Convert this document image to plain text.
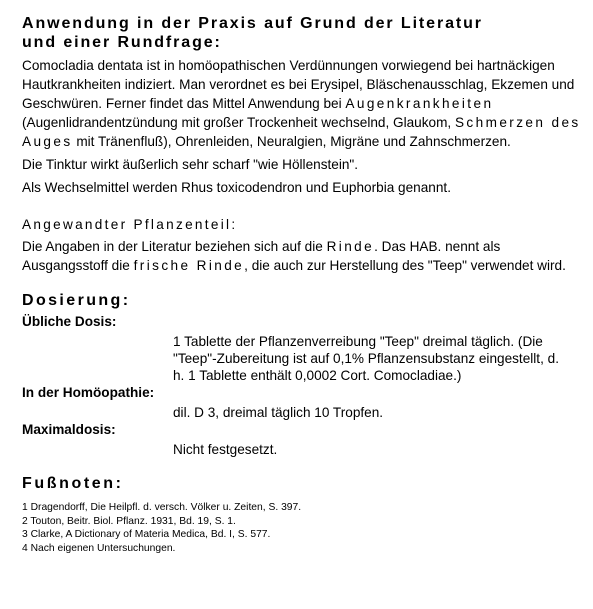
Anwendung in der Praxis auf Grund der Literatur
und einer Rundfrage:

Comocladia dentata ist in homöopathischen Verdünnungen vorwiegend bei hartnäckigen Hautkrankheiten indiziert. Man verordnet es bei Erysipel, Bläschenausschlag, Ekzemen und Geschwüren. Ferner findet das Mittel Anwendung bei Augenkrankheiten (Augenlidrandentzündung mit großer Trockenheit wechselnd, Glaukom, Schmerzen des Auges mit Tränenfluß), Ohrenleiden, Neuralgien, Migräne und Zahnschmerzen.

Die Tinktur wirkt äußerlich sehr scharf "wie Höllenstein".

Als Wechselmittel werden Rhus toxicodendron und Euphorbia genannt.

Angewandter Pflanzenteil:

Die Angaben in der Literatur beziehen sich auf die Rinde. Das HAB. nennt als Ausgangsstoff die frische Rinde, die auch zur Herstellung des "Teep" verwendet wird.

Dosierung:
Übliche Dosis:
1 Tablette der Pflanzenverreibung "Teep" dreimal täglich. (Die "Teep"-Zubereitung ist auf 0,1% Pflanzensubstanz eingestellt, d. h. 1 Tablette enthält 0,0002 Cort. Comocladiae.)
In der Homöopathie:
dil. D 3, dreimal täglich 10 Tropfen.
Maximaldosis:
Nicht festgesetzt.
Fußnoten:
1 Dragendorff, Die Heilpfl. d. versch. Völker u. Zeiten, S. 397.
2 Touton, Beitr. Biol. Pflanz. 1931, Bd. 19, S. 1.
3 Clarke, A Dictionary of Materia Medica, Bd. I, S. 577.
4 Nach eigenen Untersuchungen.
